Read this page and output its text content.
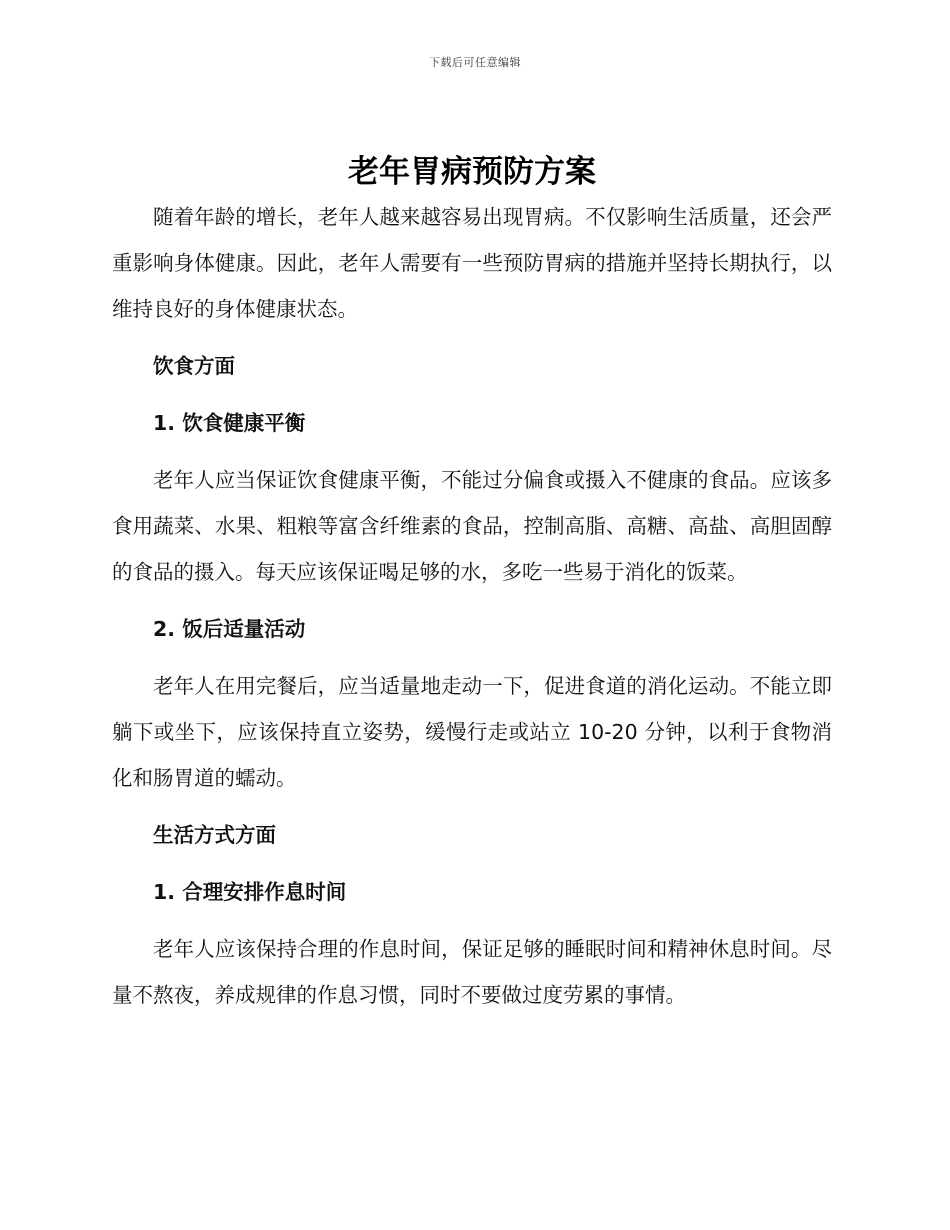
下载后可任意编辑
老年胃病预防方案

随着年龄的增长，老年人越来越容易出现胃病。不仅影响生活质量，还会严重影响身体健康。因此，老年人需要有一些预防胃病的措施并坚持长期执行，以维持良好的身体健康状态。

饮食方面

1. 饮食健康平衡

老年人应当保证饮食健康平衡，不能过分偏食或摄入不健康的食品。应该多食用蔬菜、水果、粗粮等富含纤维素的食品，控制高脂、高糖、高盐、高胆固醇的食品的摄入。每天应该保证喝足够的水，多吃一些易于消化的饭菜。

2. 饭后适量活动

老年人在用完餐后，应当适量地走动一下，促进食道的消化运动。不能立即躺下或坐下，应该保持直立姿势，缓慢行走或站立 10-20 分钟，以利于食物消化和肠胃道的蠕动。

生活方式方面

1. 合理安排作息时间

老年人应该保持合理的作息时间，保证足够的睡眠时间和精神休息时间。尽量不熬夜，养成规律的作息习惯，同时不要做过度劳累的事情。
